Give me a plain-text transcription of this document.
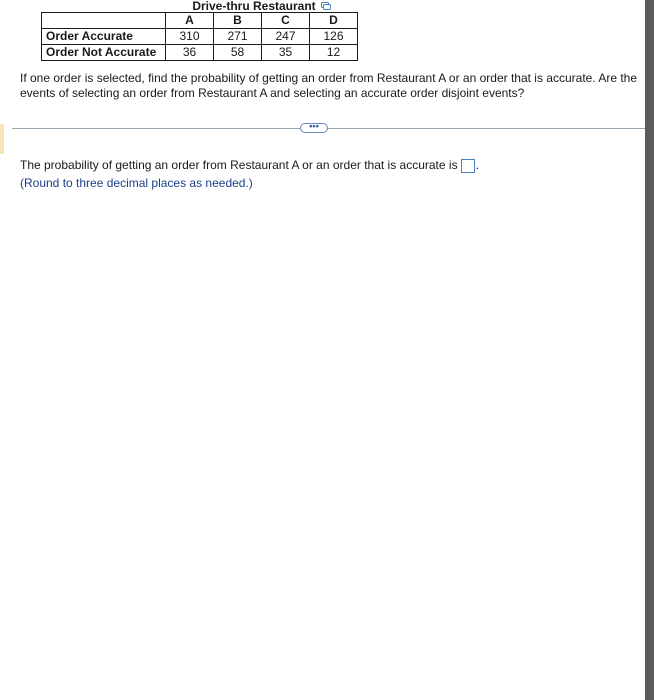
	Drive-thru Restaurant			

	A	B	C	D
Order Accurate	310	271	247	126
Order Not Accurate	36	58	35	12
If one order is selected, find the probability of getting an order from Restaurant A or an order that is accurate. Are the events of selecting an order from Restaurant A and selecting an accurate order disjoint events?
•••
The probability of getting an order from Restaurant A or an order that is accurate is .
(Round to three decimal places as needed.)
